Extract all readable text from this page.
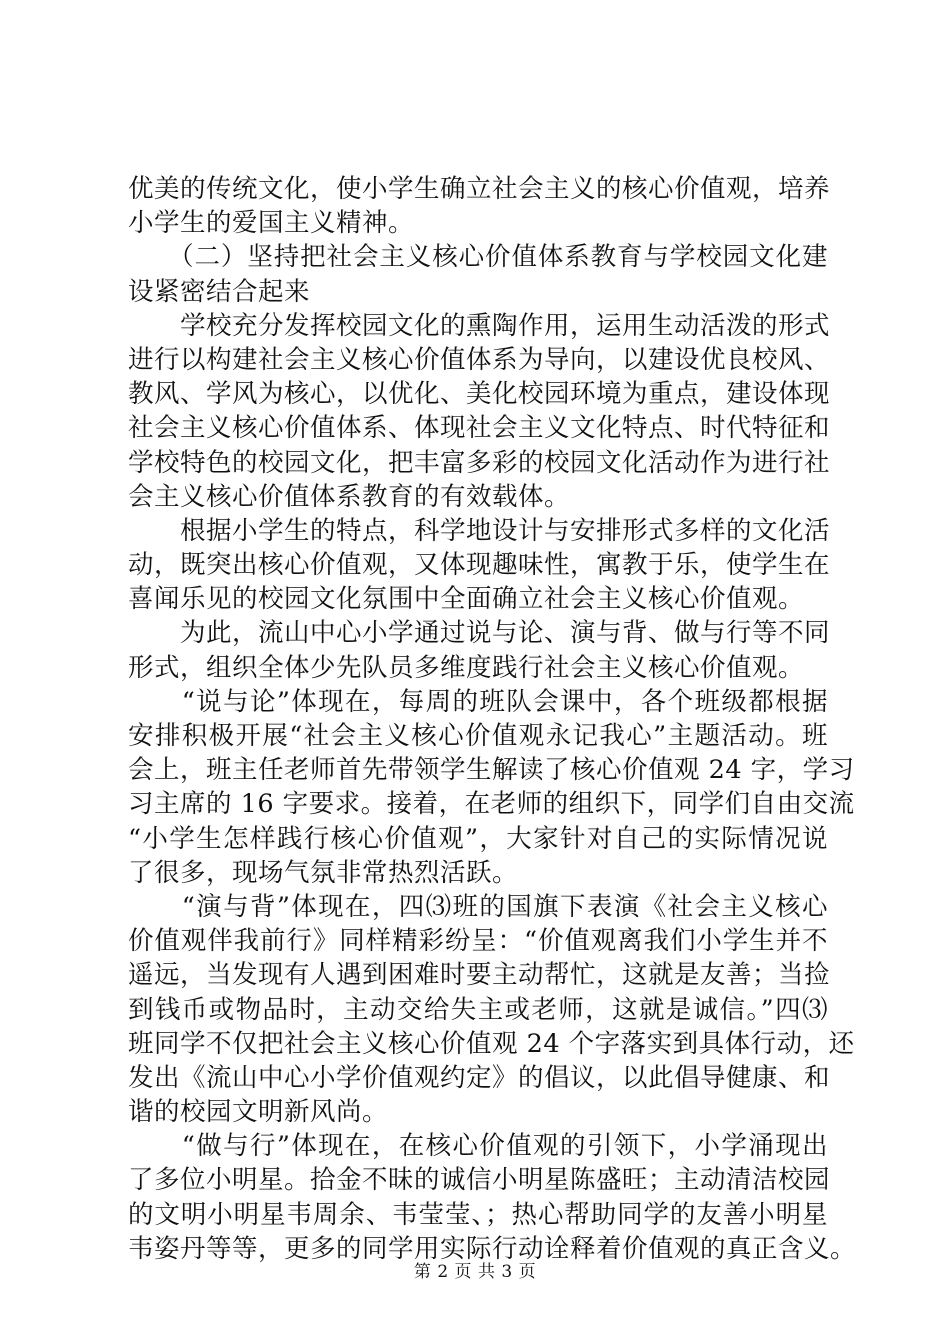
优美的传统文化，使小学生确立社会主义的核心价值观，培养
小学生的爱国主义精神。
　　（二）坚持把社会主义核心价值体系教育与学校园文化建
设紧密结合起来
　　学校充分发挥校园文化的熏陶作用，运用生动活泼的形式
进行以构建社会主义核心价值体系为导向，以建设优良校风、
教风、学风为核心，以优化、美化校园环境为重点，建设体现
社会主义核心价值体系、体现社会主义文化特点、时代特征和
学校特色的校园文化，把丰富多彩的校园文化活动作为进行社
会主义核心价值体系教育的有效载体。
　　根据小学生的特点，科学地设计与安排形式多样的文化活
动，既突出核心价值观，又体现趣味性，寓教于乐，使学生在
喜闻乐见的校园文化氛围中全面确立社会主义核心价值观。
　　为此，流山中心小学通过说与论、演与背、做与行等不同
形式，组织全体少先队员多维度践行社会主义核心价值观。
　　“说与论”体现在，每周的班队会课中，各个班级都根据
安排积极开展“社会主义核心价值观永记我心”主题活动。班
会上，班主任老师首先带领学生解读了核心价值观 24 字，学习
习主席的 16 字要求。接着，在老师的组织下，同学们自由交流
“小学生怎样践行核心价值观”，大家针对自己的实际情况说
了很多，现场气氛非常热烈活跃。
　　“演与背”体现在，四⑶班的国旗下表演《社会主义核心
价值观伴我前行》同样精彩纷呈：“价值观离我们小学生并不
遥远，当发现有人遇到困难时要主动帮忙，这就是友善；当捡
到钱币或物品时，主动交给失主或老师，这就是诚信。”四⑶
班同学不仅把社会主义核心价值观 24 个字落实到具体行动，还
发出《流山中心小学价值观约定》的倡议，以此倡导健康、和
谐的校园文明新风尚。
　　“做与行”体现在，在核心价值观的引领下，小学涌现出
了多位小明星。拾金不昧的诚信小明星陈盛旺；主动清洁校园
的文明小明星韦周余、韦莹莹、；热心帮助同学的友善小明星
韦姿丹等等，更多的同学用实际行动诠释着价值观的真正含义。
第 2 页 共 3 页
